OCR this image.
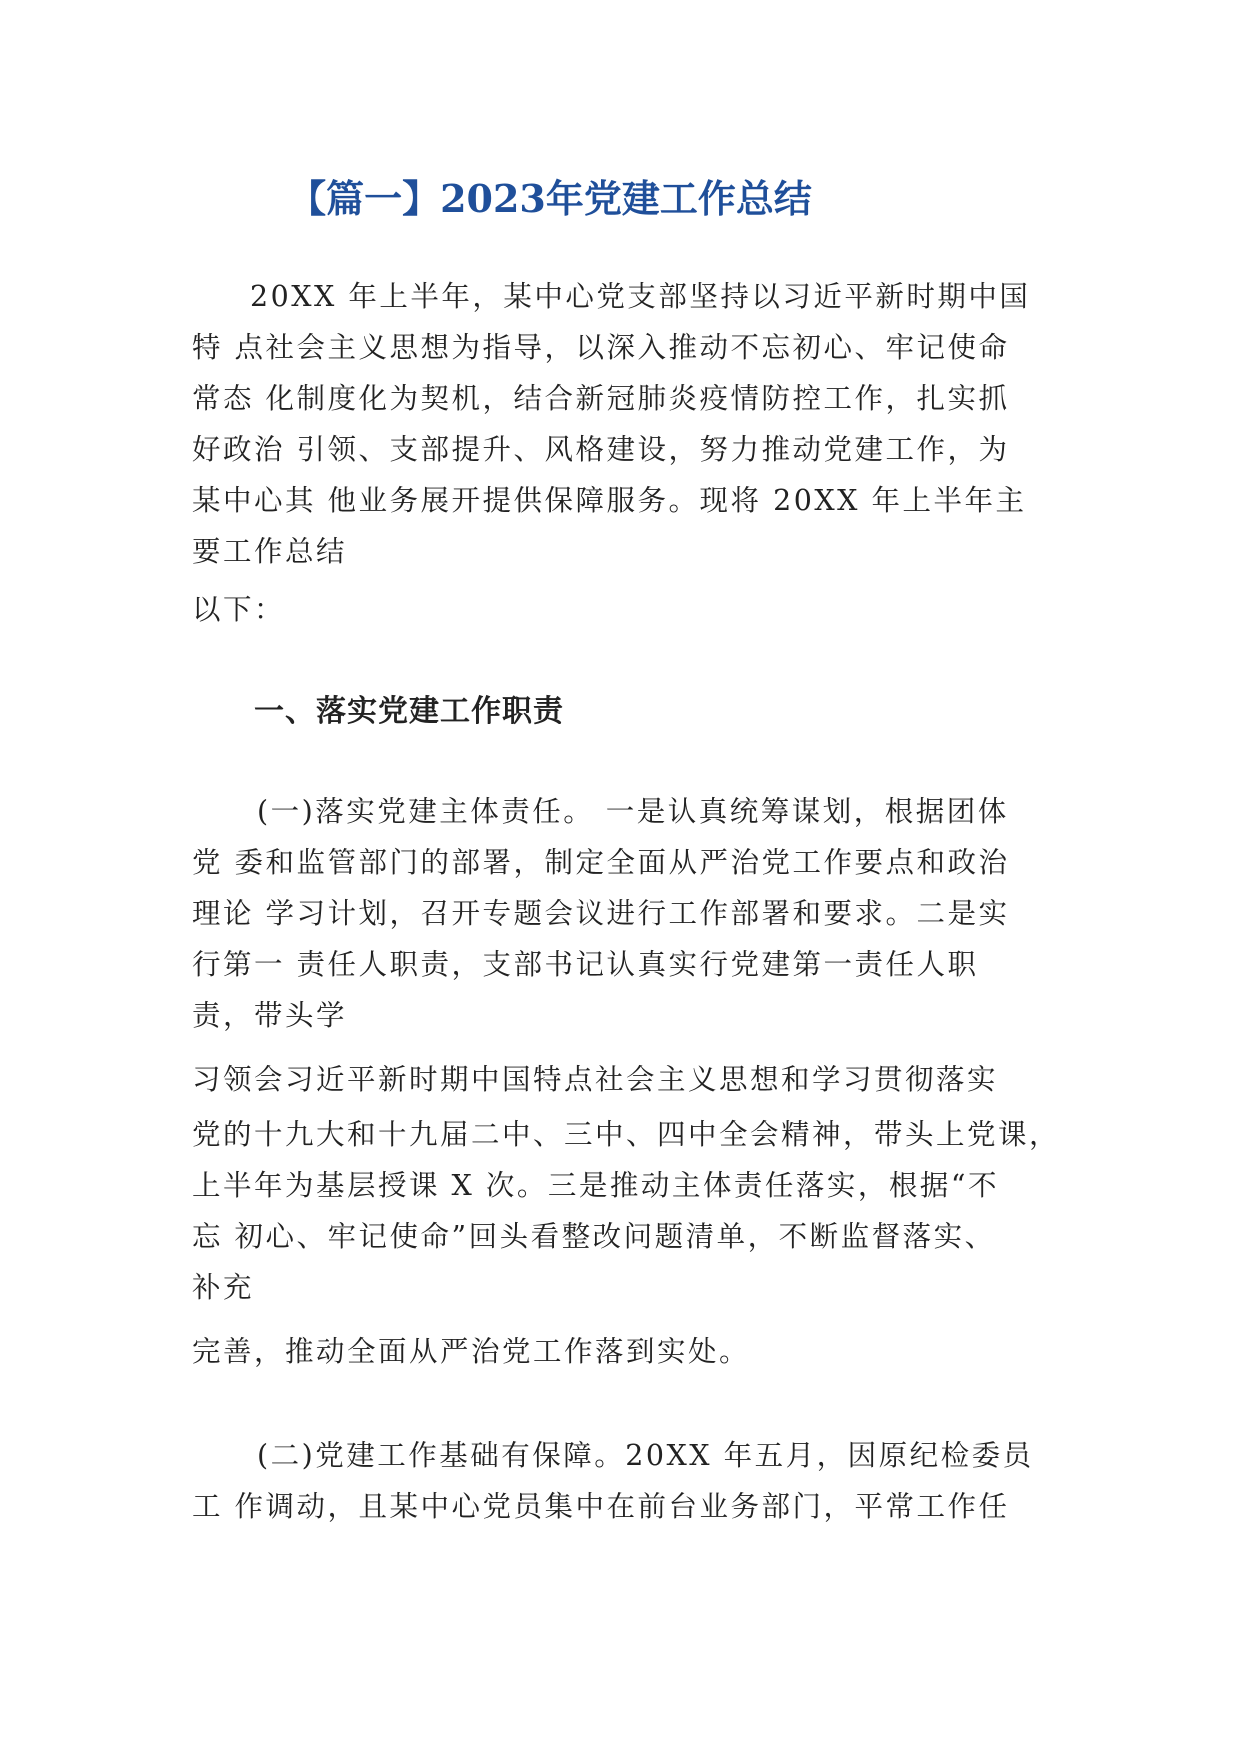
【篇一】2023年党建工作总结
20XX 年上半年，某中心党支部坚持以习近平新时期中国
特 点社会主义思想为指导，以深入推动不忘初心、牢记使命
常态 化制度化为契机，结合新冠肺炎疫情防控工作，扎实抓
好政治 引领、支部提升、风格建设，努力推动党建工作，为
某中心其 他业务展开提供保障服务。现将 20XX 年上半年主
要工作总结
以下：
一、落实党建工作职责
(一)落实党建主体责任。 一是认真统筹谋划，根据团体
党 委和监管部门的部署，制定全面从严治党工作要点和政治
理论 学习计划，召开专题会议进行工作部署和要求。二是实
行第一 责任人职责，支部书记认真实行党建第一责任人职
责，带头学
习领会习近平新时期中国特点社会主义思想和学习贯彻落实
党的十九大和十九届二中、三中、四中全会精神，带头上党课，
上半年为基层授课 X 次。三是推动主体责任落实，根据“不
忘 初心、牢记使命”回头看整改问题清单，不断监督落实、
补充
完善，推动全面从严治党工作落到实处。
(二)党建工作基础有保障。20XX 年五月，因原纪检委员
工 作调动，且某中心党员集中在前台业务部门，平常工作任
